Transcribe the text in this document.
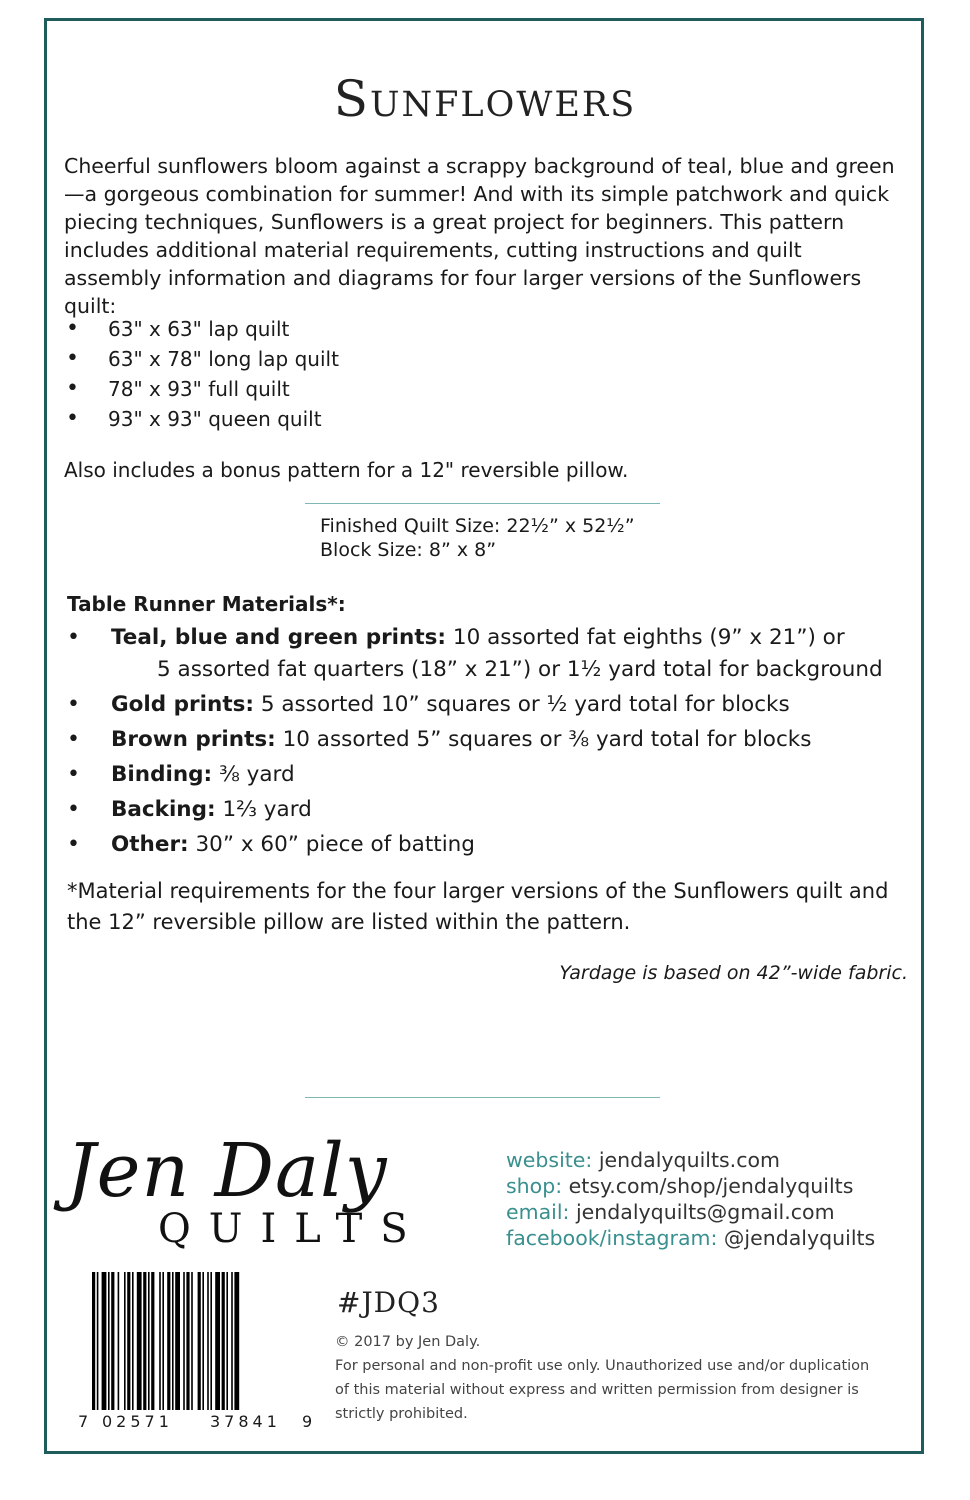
Sunflowers

Cheerful sunflowers bloom against a scrappy background of teal, blue and green—a gorgeous combination for summer! And with its simple patchwork and quick piecing techniques, Sunflowers is a great project for beginners. This pattern includes additional material requirements, cutting instructions and quilt assembly information and diagrams for four larger versions of the Sunflowers quilt:

• 63" x 63" lap quilt
• 63" x 78" long lap quilt
• 78" x 93" full quilt
• 93" x 93" queen quilt
Also includes a bonus pattern for a 12" reversible pillow.
Finished Quilt Size: 22½” x 52½”
Block Size: 8” x 8”
Table Runner Materials*:
• Teal, blue and green prints: 10 assorted fat eighths (9” x 21”) or
5 assorted fat quarters (18” x 21”) or 1½ yard total for background
• Gold prints: 5 assorted 10” squares or ½ yard total for blocks
• Brown prints: 10 assorted 5” squares or ⅜ yard total for blocks
• Binding: ⅜ yard
• Backing: 1⅔ yard
• Other: 30” x 60” piece of batting
*Material requirements for the four larger versions of the Sunflowers quilt and the 12” reversible pillow are listed within the pattern.
Yardage is based on 42”-wide fabric.
Jen Daly
QUILTS
website: jendalyquilts.com
shop: etsy.com/shop/jendalyquilts
email: jendalyquilts@gmail.com
facebook/instagram: @jendalyquilts
7 02571 37841 9
#JDQ3
© 2017 by Jen Daly.
For personal and non-profit use only. Unauthorized use and/or duplication of this material without express and written permission from designer is strictly prohibited.
